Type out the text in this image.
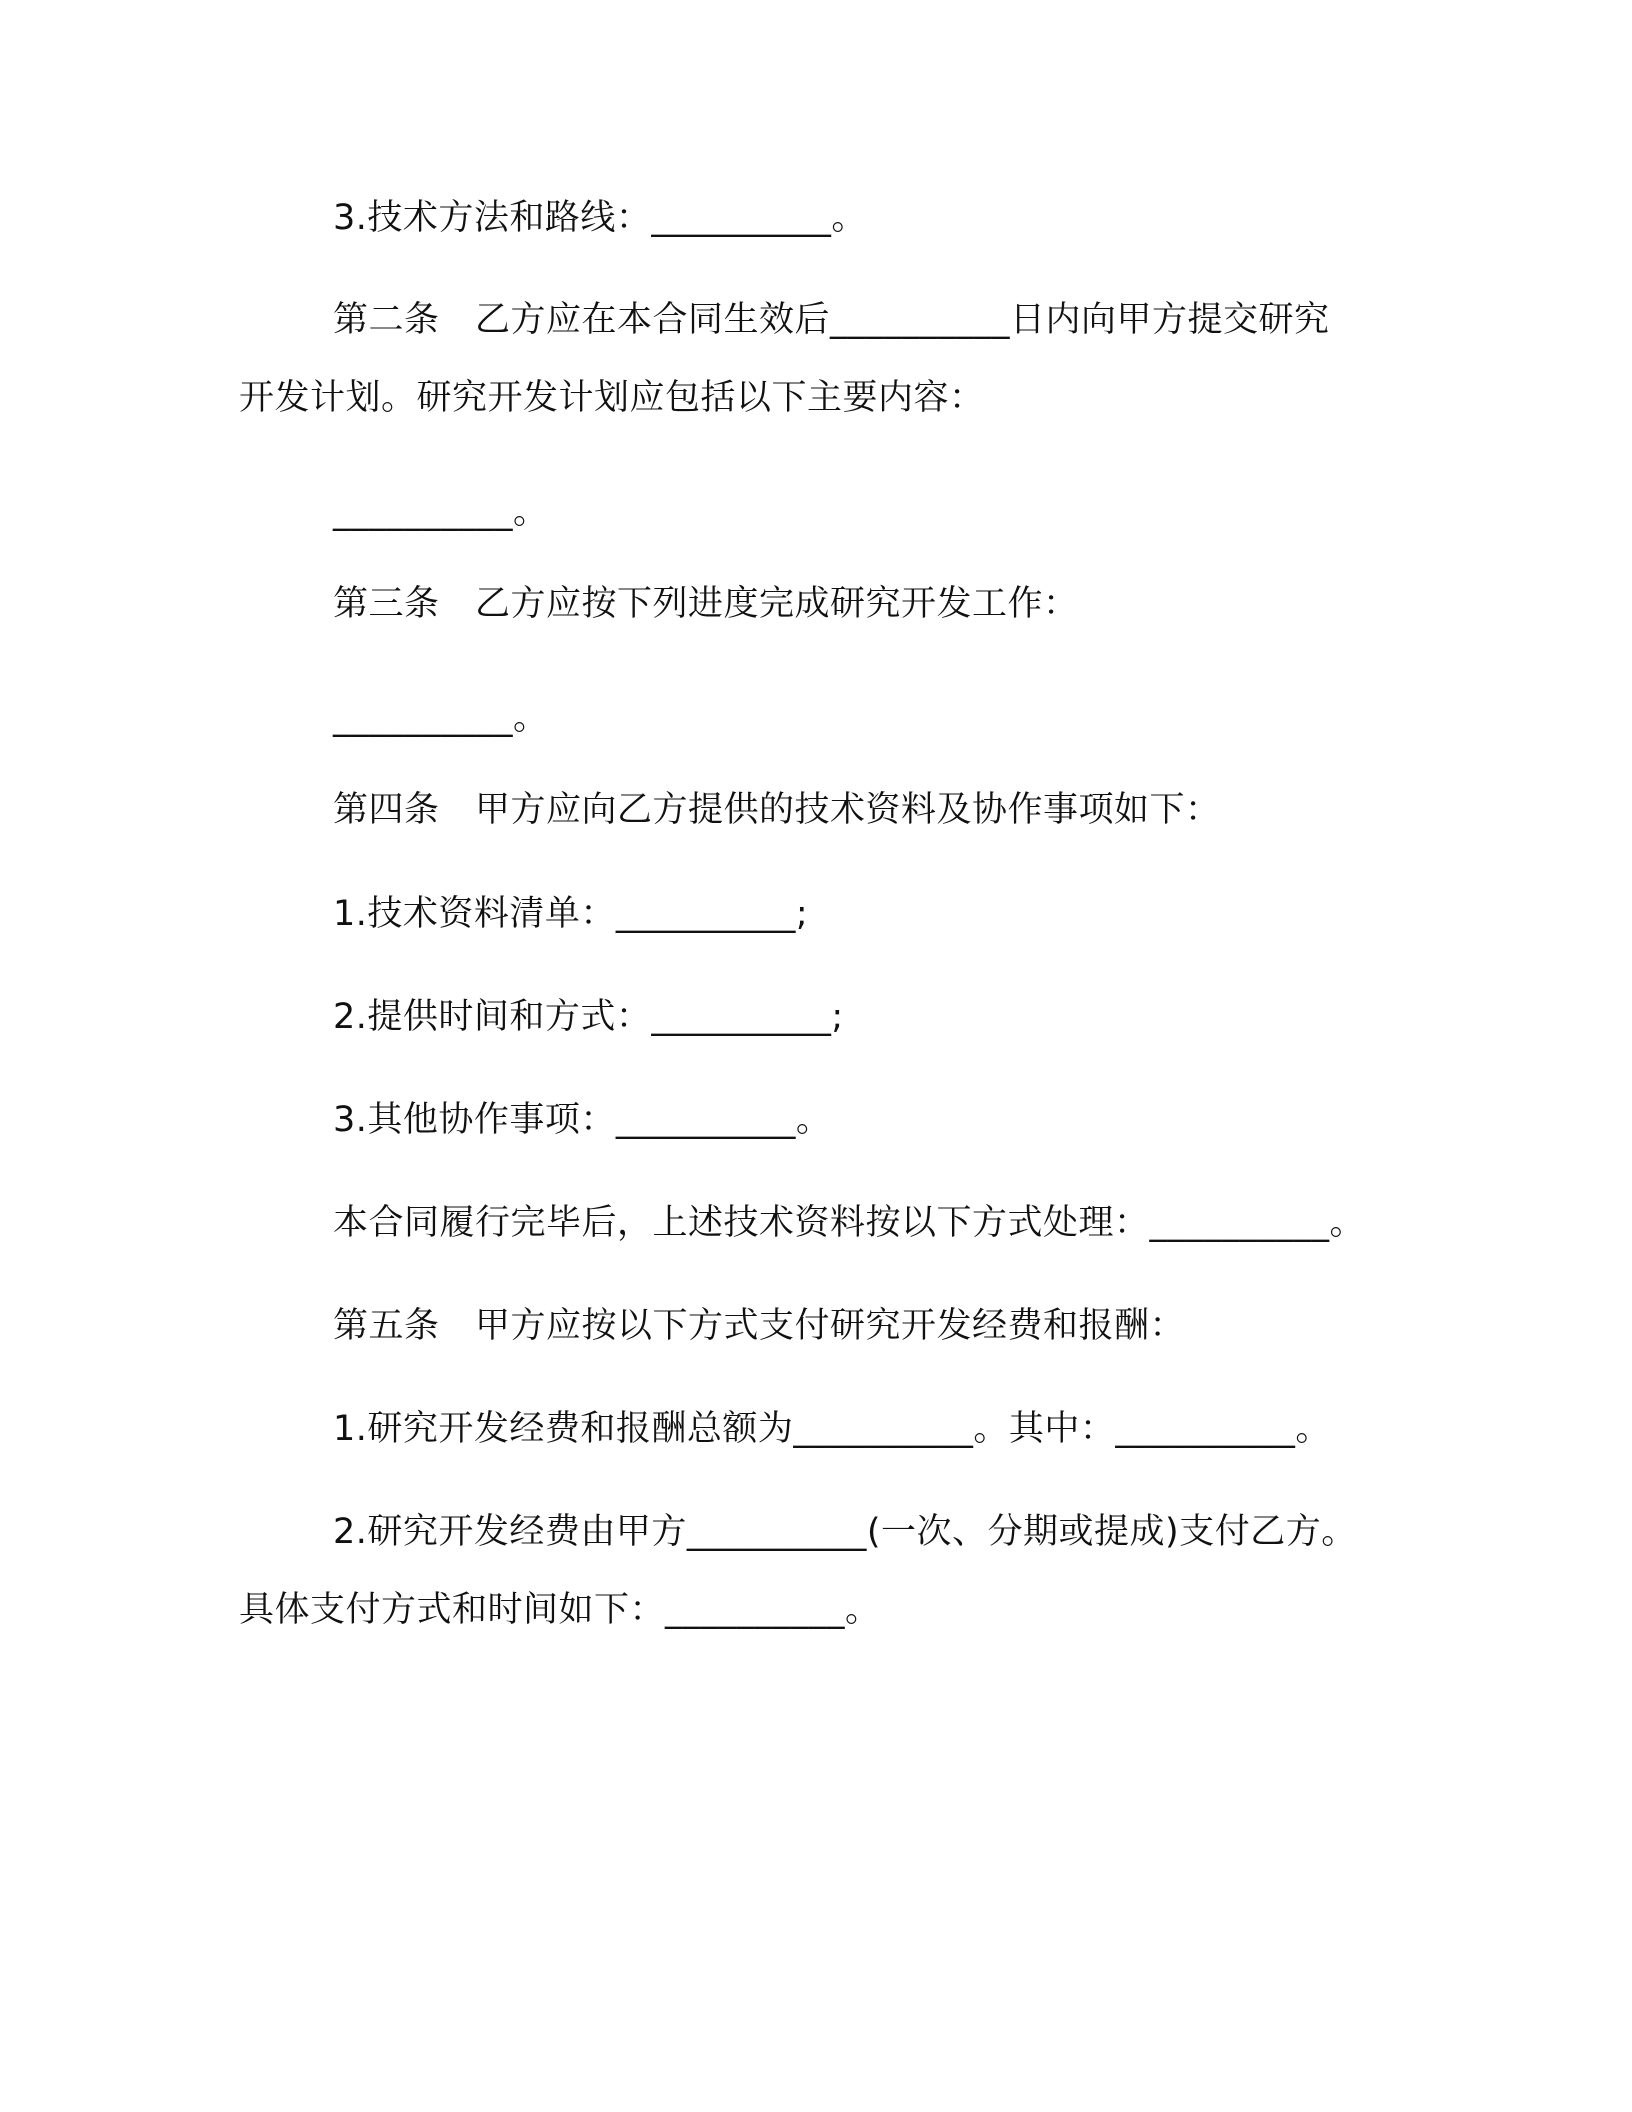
3.技术方法和路线：__________。
第二条　乙方应在本合同生效后__________日内向甲方提交研究
开发计划。研究开发计划应包括以下主要内容：
__________。
第三条　乙方应按下列进度完成研究开发工作：
__________。
第四条　甲方应向乙方提供的技术资料及协作事项如下：
1.技术资料清单：__________;
2.提供时间和方式：__________;
3.其他协作事项：__________。
本合同履行完毕后，上述技术资料按以下方式处理：__________。
第五条　甲方应按以下方式支付研究开发经费和报酬：
1.研究开发经费和报酬总额为__________。其中：__________。
2.研究开发经费由甲方__________(一次、分期或提成)支付乙方。
具体支付方式和时间如下：__________。
